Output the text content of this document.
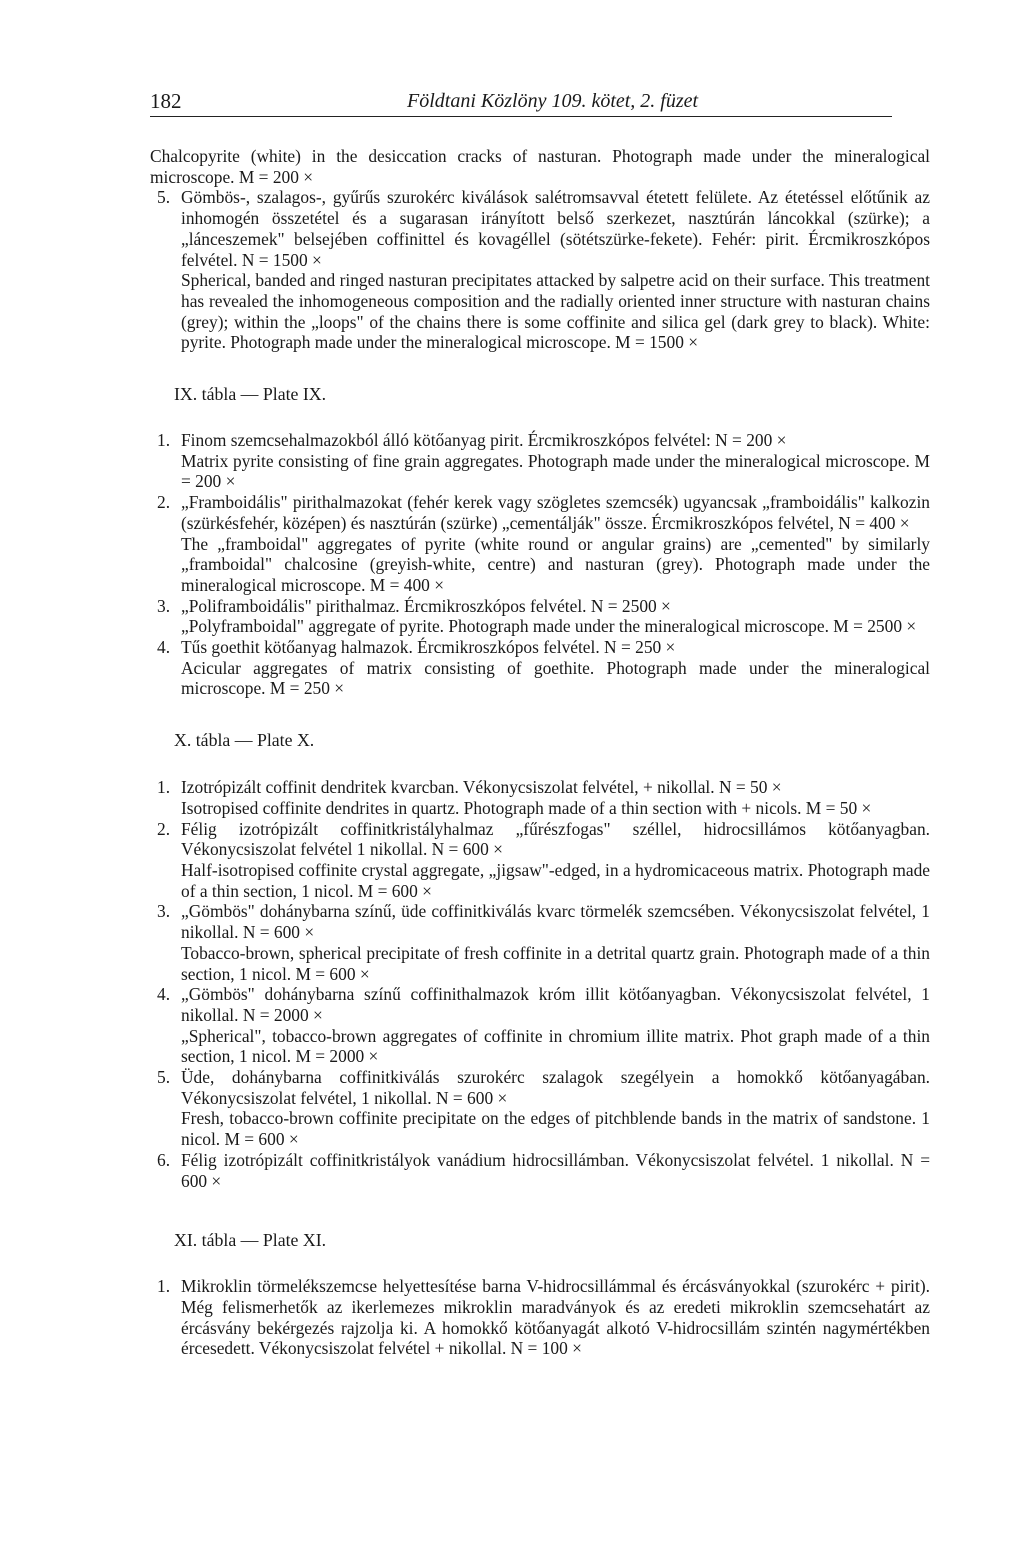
182	Földtani Közlöny 109. kötet, 2. füzet

Chalcopyrite (white) in the desiccation cracks of nasturan. Photograph made under the mineralogical microscope. M = 200 ×

5. Gömbös-, szalagos-, gyűrűs szurokérc kiválások salétromsavval étetett felülete. Az étetéssel előtűnik az inhomogén összetétel és a sugarasan irányított belső szerkezet, nasztúrán láncokkal (szürke); a „lánceszemek" belsejében coffinittel és kovagéllel (sötétszürke-fekete). Fehér: pirit. Ércmikroszkópos felvétel. N = 1500 ×

Spherical, banded and ringed nasturan precipitates attacked by salpetre acid on their surface. This treatment has revealed the inhomogeneous composition and the radially oriented inner structure with nasturan chains (grey); within the „loops" of the chains there is some coffinite and silica gel (dark grey to black). White: pyrite. Photograph made under the mineralogical microscope. M = 1500 ×

IX. tábla — Plate IX.

1. Finom szemcsehalmazokból álló kötőanyag pirit. Ércmikroszkópos felvétel: N = 200 ×

Matrix pyrite consisting of fine grain aggregates. Photograph made under the mineralogical microscope. M = 200 ×

2. „Framboidális" pirithalmazokat (fehér kerek vagy szögletes szemcsék) ugyancsak „framboidális" kalkozin (szürkésfehér, középen) és nasztúrán (szürke) „cementálják" össze. Ércmikroszkópos felvétel, N = 400 ×

The „framboidal" aggregates of pyrite (white round or angular grains) are „cemented" by similarly „framboidal" chalcosine (greyish-white, centre) and nasturan (grey). Photograph made under the mineralogical microscope. M = 400 ×

3. „Poliframboidális" pirithalmaz. Ércmikroszkópos felvétel. N = 2500 ×

„Polyframboidal" aggregate of pyrite. Photograph made under the mineralogical microscope. M = 2500 ×

4. Tűs goethit kötőanyag halmazok. Ércmikroszkópos felvétel. N = 250 ×

Acicular aggregates of matrix consisting of goethite. Photograph made under the mineralogical microscope. M = 250 ×

X. tábla — Plate X.

1. Izotrópizált coffinit dendritek kvarcban. Vékonycsiszolat felvétel, + nikollal. N = 50 ×

Isotropised coffinite dendrites in quartz. Photograph made of a thin section with + nicols. M = 50 ×

2. Félig izotrópizált coffinitkristályhalmaz „fűrészfogas" széllel, hidrocsillámos kötőanyagban. Vékonycsiszolat felvétel 1 nikollal. N = 600 ×

Half-isotropised coffinite crystal aggregate, „jigsaw"-edged, in a hydromicaceous matrix. Photograph made of a thin section, 1 nicol. M = 600 ×

3. „Gömbös" dohánybarna színű, üde coffinitkiválás kvarc törmelék szemcsében. Vékonycsiszolat felvétel, 1 nikollal. N = 600 ×

Tobacco-brown, spherical precipitate of fresh coffinite in a detrital quartz grain. Photograph made of a thin section, 1 nicol. M = 600 ×

4. „Gömbös" dohánybarna színű coffinithalmazok króm illit kötőanyagban. Vékonycsiszolat felvétel, 1 nikollal. N = 2000 ×

„Spherical", tobacco-brown aggregates of coffinite in chromium illite matrix. Phot graph made of a thin section, 1 nicol. M = 2000 ×

5. Üde, dohánybarna coffinitkiválás szurokérc szalagok szegélyein a homokkő kötőanyagában. Vékonycsiszolat felvétel, 1 nikollal. N = 600 ×

Fresh, tobacco-brown coffinite precipitate on the edges of pitchblende bands in the matrix of sandstone. 1 nicol. M = 600 ×

6. Félig izotrópizált coffinitkristályok vanádium hidrocsillámban. Vékonycsiszolat felvétel. 1 nikollal. N = 600 ×

XI. tábla — Plate XI.

1. Mikroklin törmelékszemcse helyettesítése barna V-hidrocsillámmal és ércásványokkal (szurokérc + pirit). Még felismerhetők az ikerlemezes mikroklin maradványok és az eredeti mikroklin szemcsehatárt az ércásvány bekérgezés rajzolja ki. A homokkő kötőanyagát alkotó V-hidrocsillám szintén nagymértékben ércesedett. Vékonycsiszolat felvétel + nikollal. N = 100 ×
